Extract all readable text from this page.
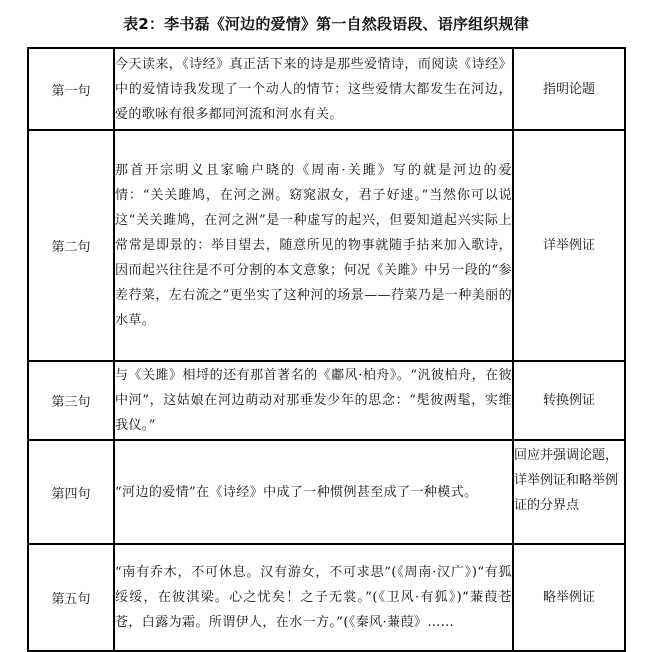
表2：李书磊《河边的爱情》第一自然段语段、语序组织规律
第一句	今天读来，《诗经》真正活下来的诗是那些爱情诗，而阅读《诗经》中的爱情诗我发现了一个动人的情节：这些爱情大都发生在河边，爱的歌咏有很多都同河流和河水有关。	指明论题
第二句	那首开宗明义且家喻户晓的《周南·关雎》写的就是河边的爱情：“关关雎鸠，在河之洲。窈窕淑女，君子好逑。”当然你可以说这“关关雎鸠，在河之洲”是一种虚写的起兴，但要知道起兴实际上常常是即景的：举目望去，随意所见的物事就随手拈来加入歌诗，因而起兴往往是不可分割的本文意象；何况《关雎》中另一段的“参差荇菜，左右流之”更坐实了这种河的场景——荇菜乃是一种美丽的水草。	详举例证
第三句	与《关雎》相埒的还有那首著名的《鄘风·柏舟》。“汎彼柏舟，在彼中河”，这姑娘在河边萌动对那垂发少年的思念：“髧彼两髦，实维我仪。”	转换例证
第四句	“河边的爱情”在《诗经》中成了一种惯例甚至成了一种模式。	回应并强调论题，详举例证和略举例证的分界点
第五句	“南有乔木，不可休息。汉有游女，不可求思”(《周南·汉广》)“有狐绥绥，在彼淇梁。心之忧矣！之子无裳。”(《卫风·有狐》)“蒹葭苍苍，白露为霜。所谓伊人，在水一方。”(《秦风·蒹葭》……	略举例证
